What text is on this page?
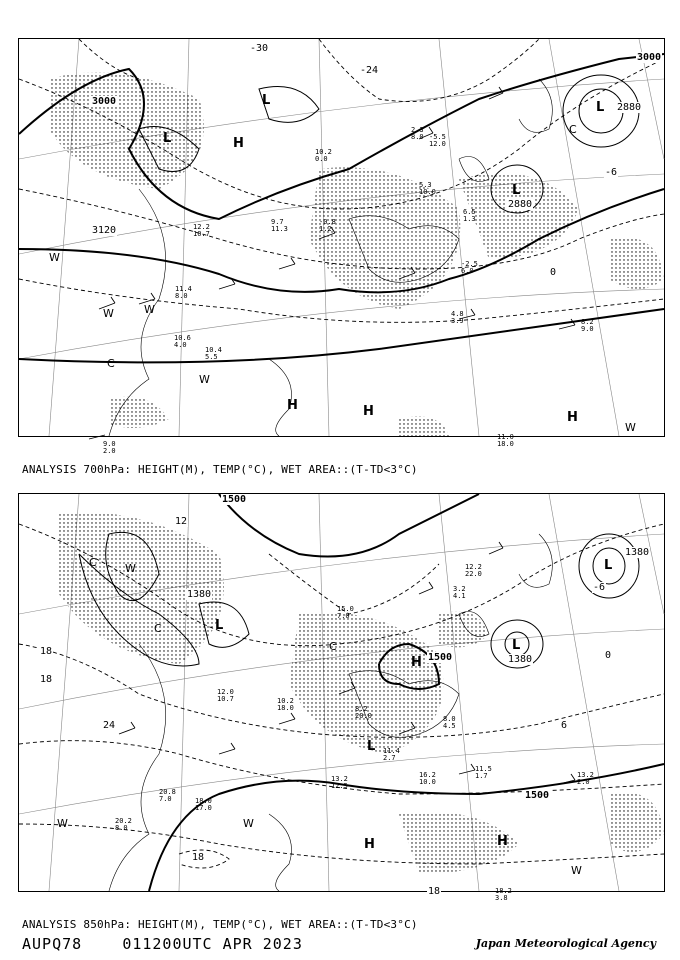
3000
3000
3120
2880
2880
-30
-24
-6
0
L
L
L
L
H
H	H	H
W
W	W
W
W
C
C
10.2
0.0
2.3
8.0 -5.5
12.0
5.3
10.0
11.0
18.0
6.5
1.3
-2.5
6.0
4.8
3.9	8.2
9.0
10.6
4.0
10.4
5.5
9.0
2.0
12.2
10.7
11.4
8.0
9.7
11.3
-0.8
1.2
ANALYSIS 700hPa: HEIGHT(M), TEMP(°C), WET AREA::(T-TD<3°C)
1500
1380
1380
1380
1500
1500
12
18
18
24
18
18
6
0
-6
L
L
L
L
H
H	H
W
W	W
W
C
C
C
3.2
4.1
12.2
22.0
16.2
10.0
11.5
1.7	13.2
2.0
18.2
3.8
20.2
8.0
20.8
7.0	18.0
17.0
8.2
20.0
13.2
12.5
12.0
10.7
8.0
4.5
15.0
7.0
10.2
18.0
11.4
2.7
ANALYSIS 850hPa: HEIGHT(M), TEMP(°C), WET AREA::(T-TD<3°C)
AUPQ78	011200UTC APR 2023	Japan Meteorological Agency
